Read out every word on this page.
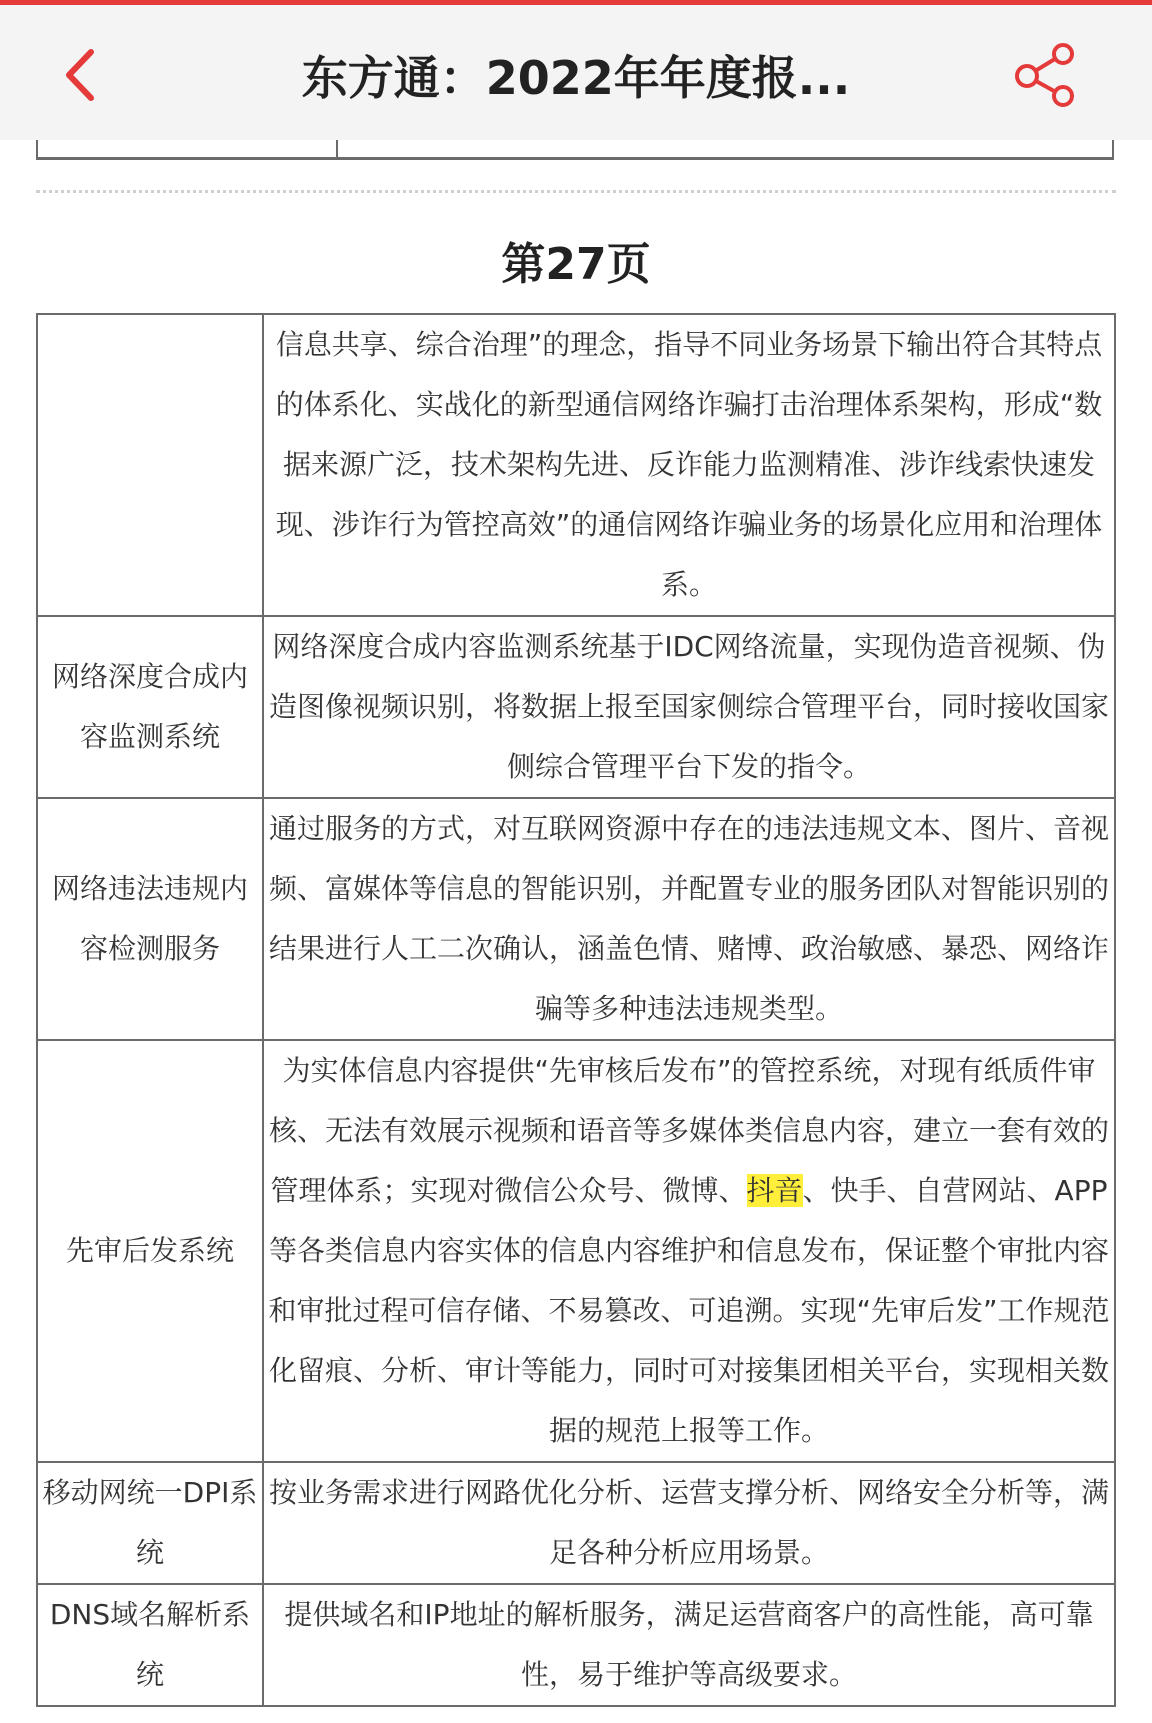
东方通：2022年年度报...
第27页
	信息共享、综合治理”的理念，指导不同业务场景下输出符合其特点的体系化、实战化的新型通信网络诈骗打击治理体系架构，形成“数据来源广泛，技术架构先进、反诈能力监测精准、涉诈线索快速发现、涉诈行为管控高效”的通信网络诈骗业务的场景化应用和治理体系。
网络深度合成内容监测系统	网络深度合成内容监测系统基于IDC网络流量，实现伪造音视频、伪造图像视频识别，将数据上报至国家侧综合管理平台，同时接收国家侧综合管理平台下发的指令。
网络违法违规内容检测服务	通过服务的方式，对互联网资源中存在的违法违规文本、图片、音视频、富媒体等信息的智能识别，并配置专业的服务团队对智能识别的结果进行人工二次确认，涵盖色情、赌博、政治敏感、暴恐、网络诈骗等多种违法违规类型。
先审后发系统	为实体信息内容提供“先审核后发布”的管控系统，对现有纸质件审核、无法有效展示视频和语音等多媒体类信息内容，建立一套有效的管理体系；实现对微信公众号、微博、抖音、快手、自营网站、APP等各类信息内容实体的信息内容维护和信息发布，保证整个审批内容和审批过程可信存储、不易篡改、可追溯。实现“先审后发”工作规范化留痕、分析、审计等能力，同时可对接集团相关平台，实现相关数据的规范上报等工作。
移动网统一DPI系统	按业务需求进行网路优化分析、运营支撑分析、网络安全分析等，满足各种分析应用场景。
DNS域名解析系统	提供域名和IP地址的解析服务，满足运营商客户的高性能，高可靠性，易于维护等高级要求。
